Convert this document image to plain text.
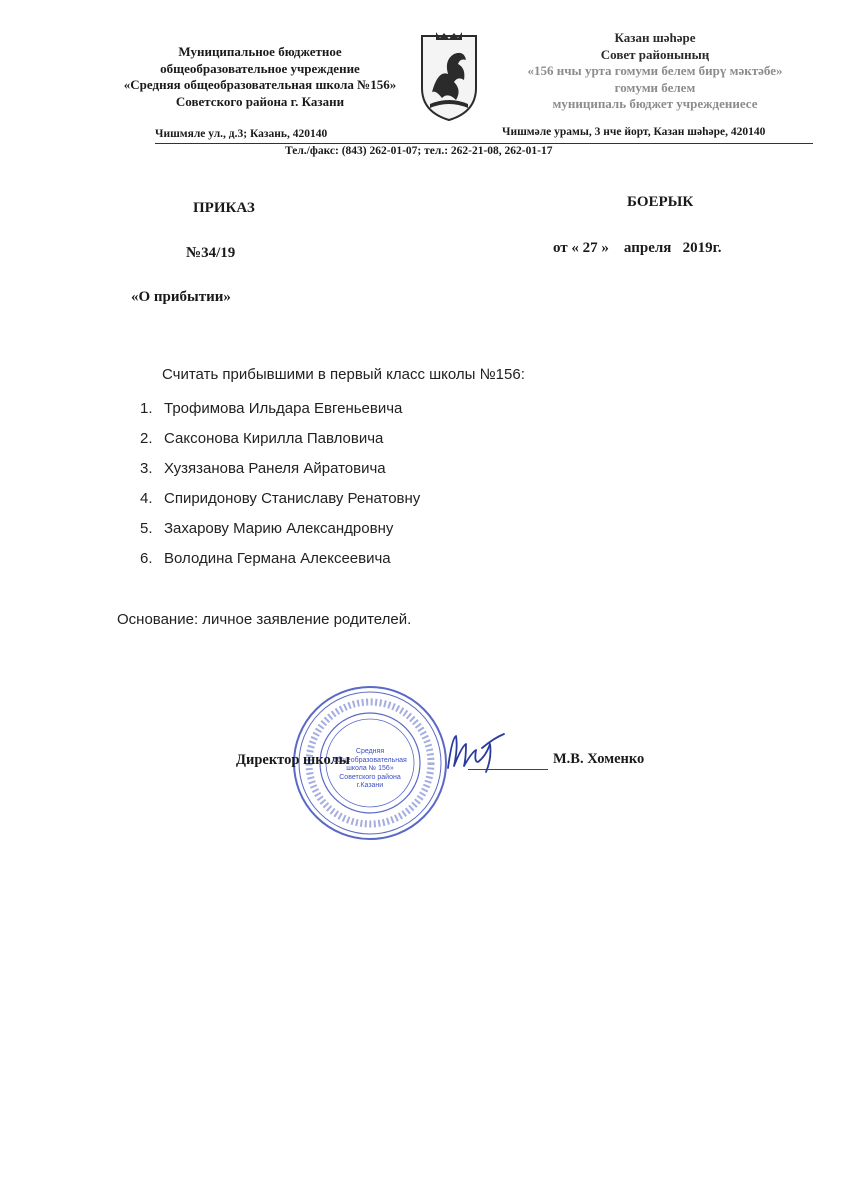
Муниципальное бюджетное
общеобразовательное учреждение
«Средняя общеобразовательная школа №156»
Советского района г. Казани
Казан шәһәре
Совет районының
«156 нчы урта гомуми белем бирү мәктәбе»
гомуми белем
муниципаль бюджет учреждениесе
Чишмяле ул., д.3; Казань, 420140	Чишмәле урамы, 3 нче йорт, Казан шәһәре, 420140
Тел./факс: (843) 262-01-07; тел.: 262-21-08, 262-01-17
ПРИКАЗ	БОЕРЫК
№34/19	от « 27 »    апреля   2019г.
«О прибытии»
Считать прибывшими в первый класс школы №156:
1. Трофимова Ильдара Евгеньевича
2. Саксонова Кирилла Павловича
3. Хузязанова Ранеля Айратовича
4. Спиридонову Станиславу Ренатовну
5. Захарову Марию Александровну
6. Володина Германа Алексеевича
Основание: личное заявление родителей.
Средняя
общеобразовательная
школа № 156»
Советского района
г.Казани
Директор школы	М.В. Хоменко
